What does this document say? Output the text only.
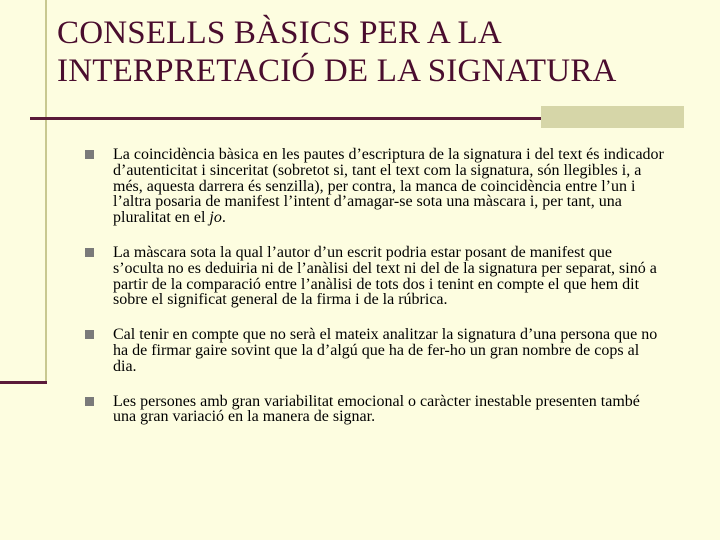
CONSELLS BÀSICS PER A LA
INTERPRETACIÓ DE LA SIGNATURA
La coincidència bàsica en les pautes d’escriptura de la signatura i del text és indicador d’autenticitat i sinceritat (sobretot si, tant el text com la signatura, són llegibles i, a més, aquesta darrera és senzilla), per contra, la manca de coincidència entre l’un i l’altra posaria de manifest l’intent d’amagar-se sota una màscara i, per tant, una pluralitat en el jo.
La màscara sota la qual l’autor d’un escrit podria estar posant de manifest que s’oculta no es deduiria ni de l’anàlisi del text ni del de la signatura per separat, sinó a partir de la comparació entre l’anàlisi de tots dos i tenint en compte el que hem dit sobre el significat general de la firma i de la rúbrica.
Cal tenir en compte que no serà el mateix analitzar la signatura d’una persona que no ha de firmar gaire sovint que la d’algú que ha de fer-ho un gran nombre de cops al dia.
Les persones amb gran variabilitat emocional o caràcter inestable presenten també una gran variació en la manera de signar.
